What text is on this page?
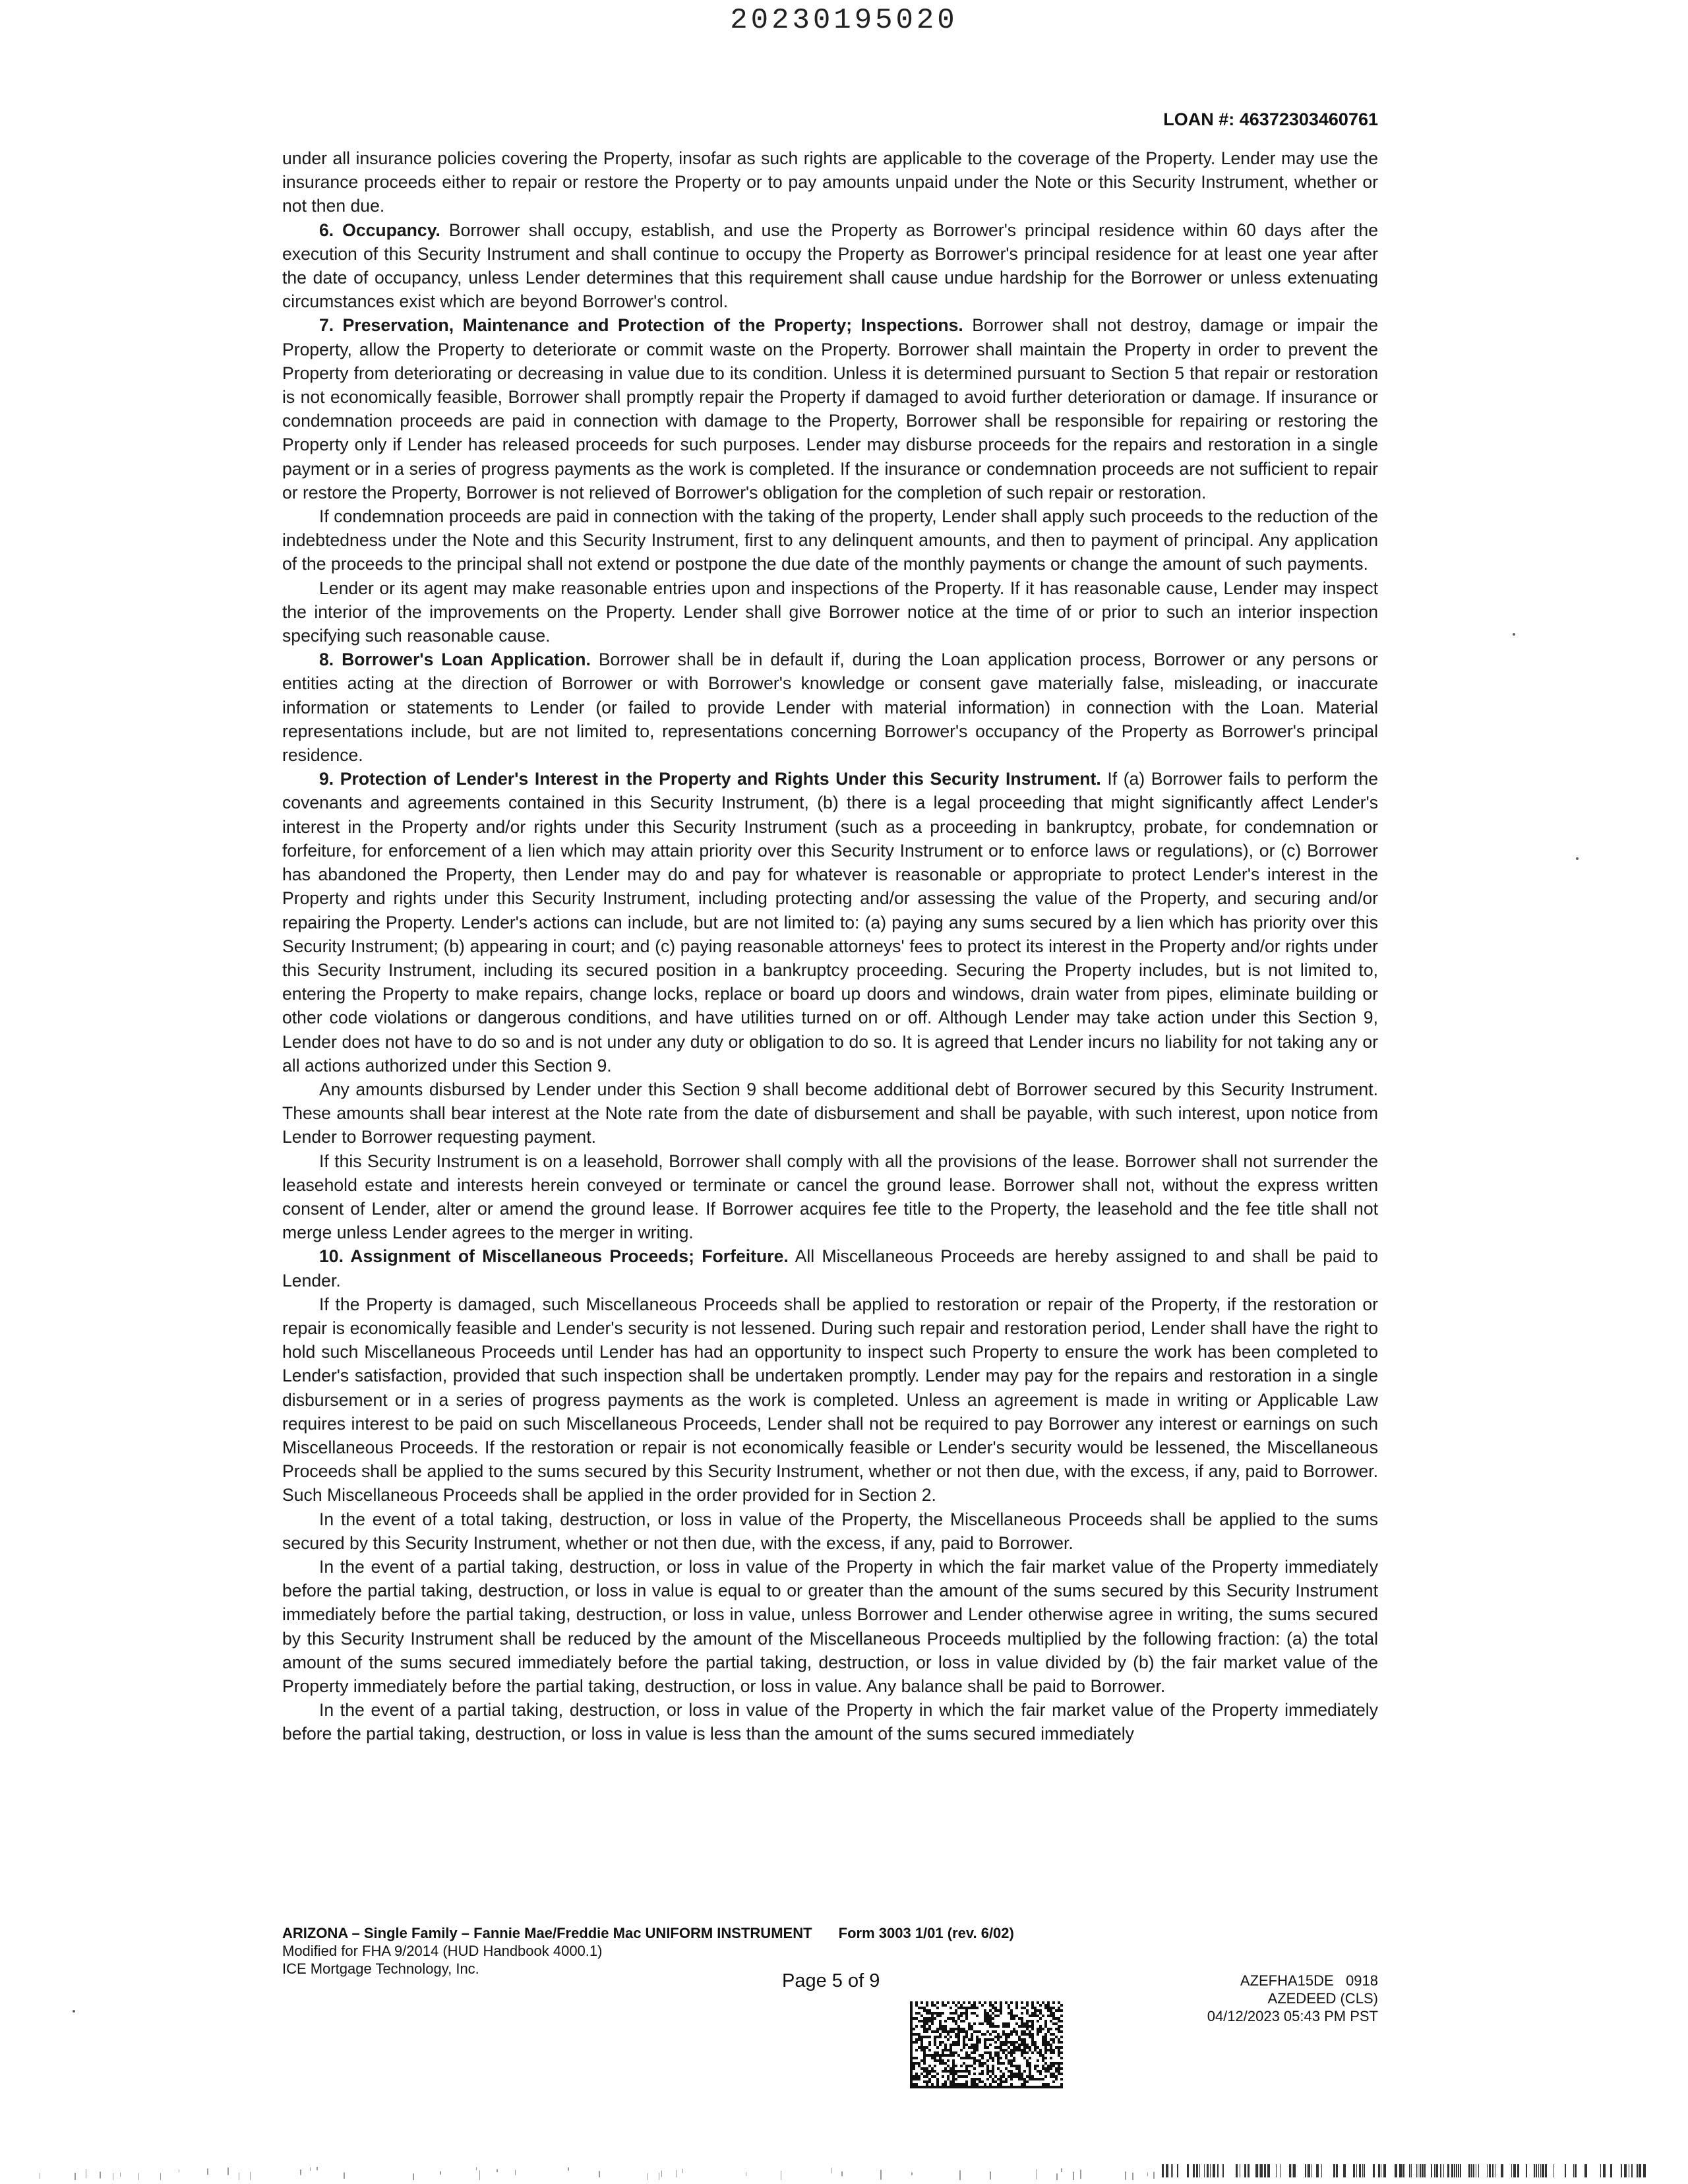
20230195020
LOAN #: 46372303460761

under all insurance policies covering the Property, insofar as such rights are applicable to the coverage of the Property. Lender may use the insurance proceeds either to repair or restore the Property or to pay amounts unpaid under the Note or this Security Instrument, whether or not then due.

6. Occupancy. Borrower shall occupy, establish, and use the Property as Borrower's principal residence within 60 days after the execution of this Security Instrument and shall continue to occupy the Property as Borrower's principal residence for at least one year after the date of occupancy, unless Lender determines that this requirement shall cause undue hardship for the Borrower or unless extenuating circumstances exist which are beyond Borrower's control.

7. Preservation, Maintenance and Protection of the Property; Inspections. Borrower shall not destroy, damage or impair the Property, allow the Property to deteriorate or commit waste on the Property. Borrower shall maintain the Property in order to prevent the Property from deteriorating or decreasing in value due to its condition. Unless it is determined pursuant to Section 5 that repair or restoration is not economically feasible, Borrower shall promptly repair the Property if damaged to avoid further deterioration or damage. If insurance or condemnation proceeds are paid in connection with damage to the Property, Borrower shall be responsible for repairing or restoring the Property only if Lender has released proceeds for such purposes. Lender may disburse proceeds for the repairs and restoration in a single payment or in a series of progress payments as the work is completed. If the insurance or condemnation proceeds are not sufficient to repair or restore the Property, Borrower is not relieved of Borrower's obligation for the completion of such repair or restoration.

If condemnation proceeds are paid in connection with the taking of the property, Lender shall apply such proceeds to the reduction of the indebtedness under the Note and this Security Instrument, first to any delinquent amounts, and then to payment of principal. Any application of the proceeds to the principal shall not extend or postpone the due date of the monthly payments or change the amount of such payments.

Lender or its agent may make reasonable entries upon and inspections of the Property. If it has reasonable cause, Lender may inspect the interior of the improvements on the Property. Lender shall give Borrower notice at the time of or prior to such an interior inspection specifying such reasonable cause.

8. Borrower's Loan Application. Borrower shall be in default if, during the Loan application process, Borrower or any persons or entities acting at the direction of Borrower or with Borrower's knowledge or consent gave materially false, misleading, or inaccurate information or statements to Lender (or failed to provide Lender with material information) in connection with the Loan. Material representations include, but are not limited to, representations concerning Borrower's occupancy of the Property as Borrower's principal residence.

9. Protection of Lender's Interest in the Property and Rights Under this Security Instrument. If (a) Borrower fails to perform the covenants and agreements contained in this Security Instrument, (b) there is a legal proceeding that might significantly affect Lender's interest in the Property and/or rights under this Security Instrument (such as a proceeding in bankruptcy, probate, for condemnation or forfeiture, for enforcement of a lien which may attain priority over this Security Instrument or to enforce laws or regulations), or (c) Borrower has abandoned the Property, then Lender may do and pay for whatever is reasonable or appropriate to protect Lender's interest in the Property and rights under this Security Instrument, including protecting and/or assessing the value of the Property, and securing and/or repairing the Property. Lender's actions can include, but are not limited to: (a) paying any sums secured by a lien which has priority over this Security Instrument; (b) appearing in court; and (c) paying reasonable attorneys' fees to protect its interest in the Property and/or rights under this Security Instrument, including its secured position in a bankruptcy proceeding. Securing the Property includes, but is not limited to, entering the Property to make repairs, change locks, replace or board up doors and windows, drain water from pipes, eliminate building or other code violations or dangerous conditions, and have utilities turned on or off. Although Lender may take action under this Section 9, Lender does not have to do so and is not under any duty or obligation to do so. It is agreed that Lender incurs no liability for not taking any or all actions authorized under this Section 9.

Any amounts disbursed by Lender under this Section 9 shall become additional debt of Borrower secured by this Security Instrument. These amounts shall bear interest at the Note rate from the date of disbursement and shall be payable, with such interest, upon notice from Lender to Borrower requesting payment.

If this Security Instrument is on a leasehold, Borrower shall comply with all the provisions of the lease. Borrower shall not surrender the leasehold estate and interests herein conveyed or terminate or cancel the ground lease. Borrower shall not, without the express written consent of Lender, alter or amend the ground lease. If Borrower acquires fee title to the Property, the leasehold and the fee title shall not merge unless Lender agrees to the merger in writing.

10. Assignment of Miscellaneous Proceeds; Forfeiture. All Miscellaneous Proceeds are hereby assigned to and shall be paid to Lender.

If the Property is damaged, such Miscellaneous Proceeds shall be applied to restoration or repair of the Property, if the restoration or repair is economically feasible and Lender's security is not lessened. During such repair and restoration period, Lender shall have the right to hold such Miscellaneous Proceeds until Lender has had an opportunity to inspect such Property to ensure the work has been completed to Lender's satisfaction, provided that such inspection shall be undertaken promptly. Lender may pay for the repairs and restoration in a single disbursement or in a series of progress payments as the work is completed. Unless an agreement is made in writing or Applicable Law requires interest to be paid on such Miscellaneous Proceeds, Lender shall not be required to pay Borrower any interest or earnings on such Miscellaneous Proceeds. If the restoration or repair is not economically feasible or Lender's security would be lessened, the Miscellaneous Proceeds shall be applied to the sums secured by this Security Instrument, whether or not then due, with the excess, if any, paid to Borrower. Such Miscellaneous Proceeds shall be applied in the order provided for in Section 2.

In the event of a total taking, destruction, or loss in value of the Property, the Miscellaneous Proceeds shall be applied to the sums secured by this Security Instrument, whether or not then due, with the excess, if any, paid to Borrower.

In the event of a partial taking, destruction, or loss in value of the Property in which the fair market value of the Property immediately before the partial taking, destruction, or loss in value is equal to or greater than the amount of the sums secured by this Security Instrument immediately before the partial taking, destruction, or loss in value, unless Borrower and Lender otherwise agree in writing, the sums secured by this Security Instrument shall be reduced by the amount of the Miscellaneous Proceeds multiplied by the following fraction: (a) the total amount of the sums secured immediately before the partial taking, destruction, or loss in value divided by (b) the fair market value of the Property immediately before the partial taking, destruction, or loss in value. Any balance shall be paid to Borrower.

In the event of a partial taking, destruction, or loss in value of the Property in which the fair market value of the Property immediately before the partial taking, destruction, or loss in value is less than the amount of the sums secured immediately

ARIZONA – Single Family – Fannie Mae/Freddie Mac UNIFORM INSTRUMENT Form 3003 1/01 (rev. 6/02)
Modified for FHA 9/2014 (HUD Handbook 4000.1)
ICE Mortgage Technology, Inc.
Page 5 of 9	AZEFHA15DE   0918
AZEDEED (CLS)
04/12/2023 05:43 PM PST
